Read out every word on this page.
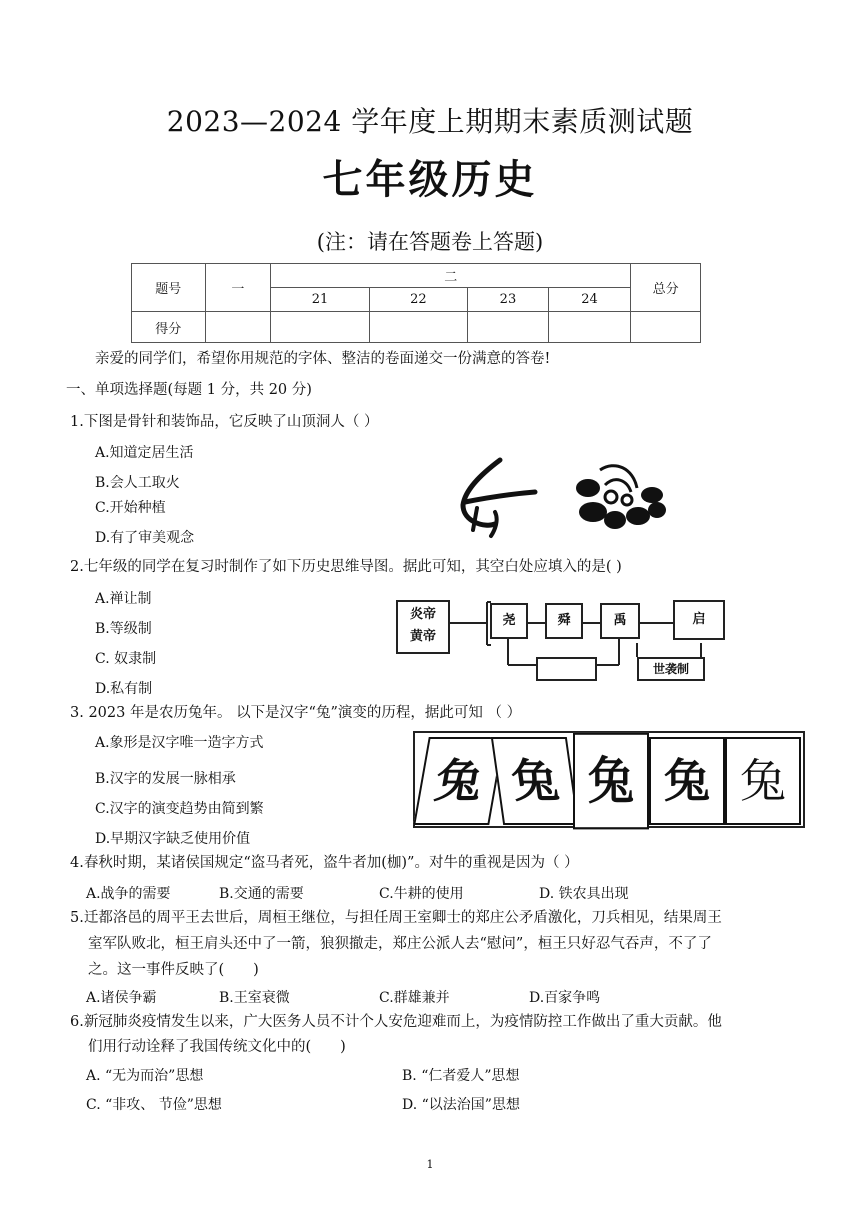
2023—2024 学年度上期期末素质测试题
七年级历史
(注：请在答题卷上答题)
题号	一	二				总分
		21	22	23	24	
得分						
亲爱的同学们，希望你用规范的字体、整洁的卷面递交一份满意的答卷!
一、单项选择题(每题 1 分，共 20 分)
1.下图是骨针和装饰品，它反映了山顶洞人（ ）
A.知道定居生活
B.会人工取火
C.开始种植
D.有了审美观念
2.七年级的同学在复习时制作了如下历史思维导图。据此可知，其空白处应填入的是( )
A.禅让制
B.等级制
C. 奴隶制
D.私有制
炎帝
黄帝
尧	舜	禹	启
世袭制
3. 2023 年是农历兔年。 以下是汉字“兔”演变的历程，据此可知 （ ）
A.象形是汉字唯一造字方式
B.汉字的发展一脉相承
C.汉字的演变趋势由简到繁
D.早期汉字缺乏使用价值
兔 兔 兔 兔 兔
4.春秋时期，某诸侯国规定“盗马者死，盗牛者加(枷)”。对牛的重视是因为（ ）
A.战争的需要	B.交通的需要	C.牛耕的使用	D. 铁农具出现
5.迁都洛邑的周平王去世后，周桓王继位，与担任周王室卿士的郑庄公矛盾激化，刀兵相见，结果周王
室军队败北，桓王肩头还中了一箭，狼狈撤走，郑庄公派人去“慰问”，桓王只好忍气吞声，不了了
之。这一事件反映了(　　)
A.诸侯争霸	B.王室衰微	C.群雄兼并	D.百家争鸣
6.新冠肺炎疫情发生以来，广大医务人员不计个人安危迎难而上，为疫情防控工作做出了重大贡献。他
们用行动诠释了我国传统文化中的(　　)
A. “无为而治”思想	B. “仁者爱人”思想
C. “非攻、 节俭”思想	D. “以法治国”思想
1
